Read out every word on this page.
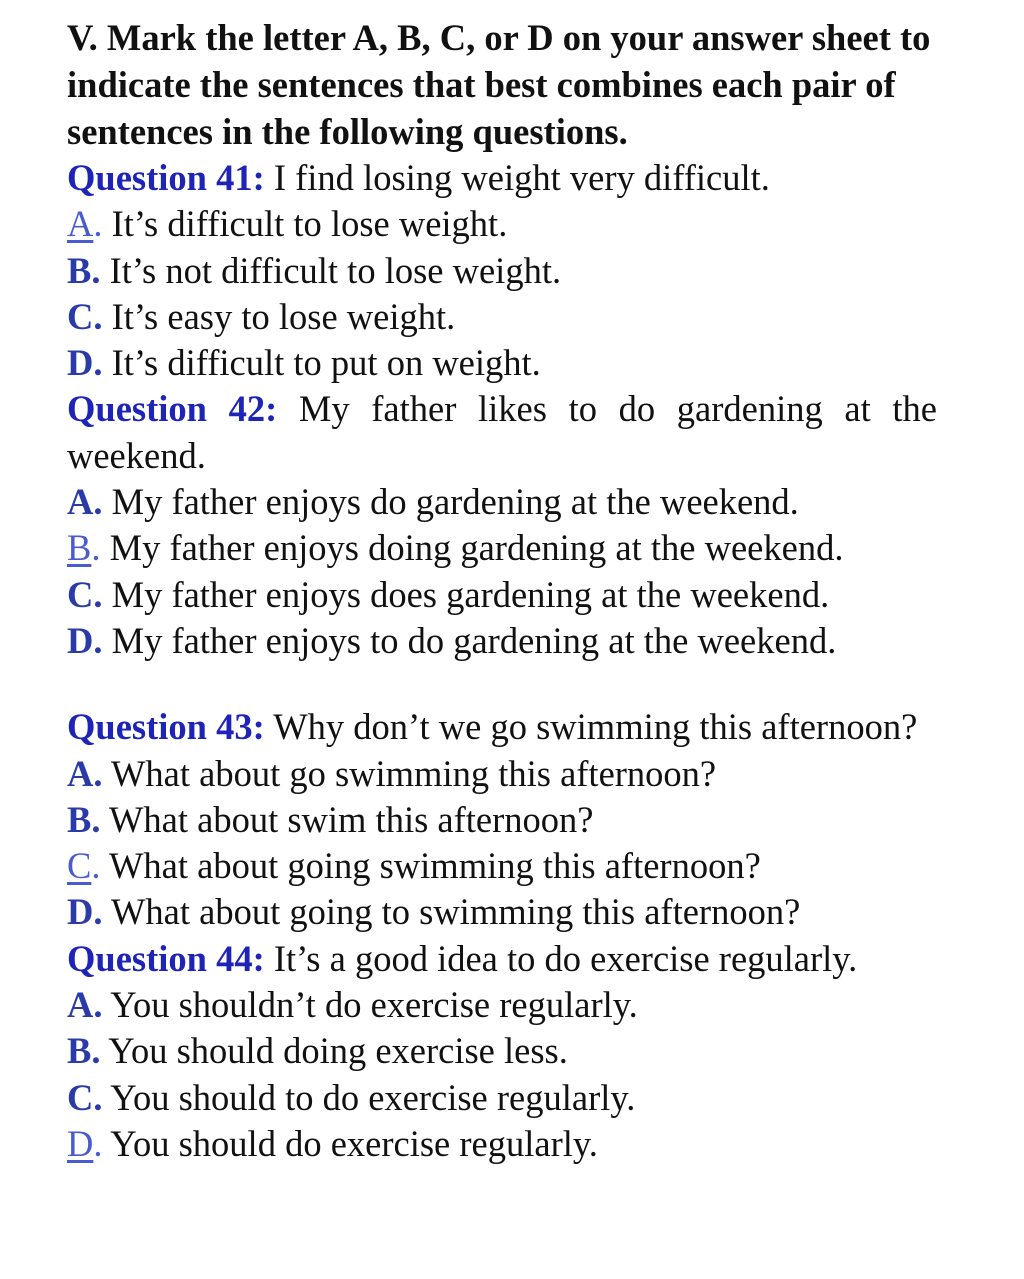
V. Mark the letter A, B, C, or D on your answer sheet to indicate the sentences that best combines each pair of sentences in the following questions.

Question 41: I find losing weight very difficult.

A. It’s difficult to lose weight.

B. It’s not difficult to lose weight.

C. It’s easy to lose weight.

D. It’s difficult to put on weight.

Question 42: My father likes to do gardening at the weekend.

A. My father enjoys do gardening at the weekend.

B. My father enjoys doing gardening at the weekend.

C. My father enjoys does gardening at the weekend.

D. My father enjoys to do gardening at the weekend.

Question 43: Why don’t we go swimming this afternoon?

A. What about go swimming this afternoon?

B. What about swim this afternoon?

C. What about going swimming this afternoon?

D. What about going to swimming this afternoon?

Question 44: It’s a good idea to do exercise regularly.

A. You shouldn’t do exercise regularly.

B. You should doing exercise less.

C. You should to do exercise regularly.

D. You should do exercise regularly.
